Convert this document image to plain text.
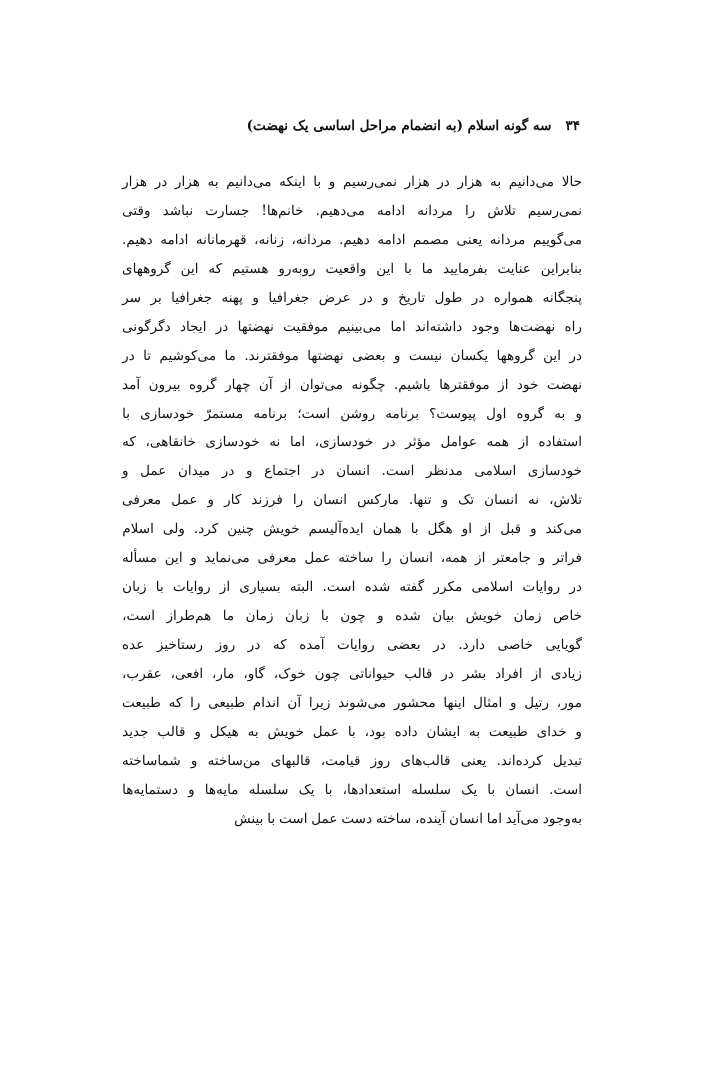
۳۴
سه گونه اسلام (به انضمام مراحل اساسی یک نهضت)
حالا
می‌دانیم
به
هزار
در
هزار
نمی‌رسیم
و
با
اینکه
می‌دانیم
به
هزار
در
هزار
نمی‌رسیم
تلاش
را
مردانه
ادامه
می‌دهیم.
خانم‌ها!
جسارت
نباشد
وقتی
می‌گوییم
مردانه
یعنی
مصمم
ادامه
دهیم.
مردانه،
زنانه،
قهرمانانه
ادامه
دهیم.
بنابراین
عنایت
بفرمایید
ما
با
این
واقعیت
روبه‌رو
هستیم
که
این
گروههای
پنجگانه
همواره
در
طول
تاریخ
و
در
عرض
جغرافیا
و
پهنه
جغرافیا
بر
سر
راه
نهضت‌ها
وجود
داشته‌اند
اما
می‌بینیم
موفقیت
نهضتها
در
ایجاد
دگرگونی
در
این
گروهها
یکسان
نیست
و
بعضی
نهضتها
موفقترند.
ما
می‌کوشیم
تا
در
نهضت
خود
از
موفقترها
باشیم.
چگونه
می‌توان
از
آن
چهار
گروه
بیرون
آمد
و
به
گروه
اول
پیوست؟
برنامه
روشن
است؛
برنامه
مستمرّ
خودسازی
با
استفاده
از
همه
عوامل
مؤثر
در
خودسازی،
اما
نه
خودسازی
خانقاهی،
که
خودسازی
اسلامی
مدنظر
است.
انسان
در
اجتماع
و
در
میدان
عمل
و
تلاش،
نه
انسان
تک
و
تنها.
مارکس
انسان
را
فرزند
کار
و
عمل
معرفی
می‌کند
و
قبل
از
او
هگل
با
همان
ایده‌آلیسم
خویش
چنین
کرد.
ولی
اسلام
فراتر
و
جامعتر
از
همه،
انسان
را
ساخته
عمل
معرفی
می‌نماید
و
این
مسأله
در
روایات
اسلامی
مکرر
گفته
شده
است.
البته
بسیاری
از
روایات
با
زبان
خاص
زمان
خویش
بیان
شده
و
چون
با
زبان
زمان
ما
هم‌طراز
است،
گویایی
خاصی
دارد.
در
بعضی
روایات
آمده
که
در
روز
رستاخیز
عده
زیادی
از
افراد
بشر
در
قالب
حیواناتی
چون
خوک،
گاو،
مار،
افعی،
عقرب،
مور،
رتیل
و
امثال
اینها
محشور
می‌شوند
زیرا
آن
اندام
طبیعی
را
که
طبیعت
و
خدای
طبیعت
به
ایشان
داده
بود،
با
عمل
خویش
به
هیکل
و
قالب
جدید
تبدیل
کرده‌اند.
یعنی
قالب‌های
روز
قیامت،
قالبهای
من‌ساخته
و
شماساخته
است.
انسان
با
یک
سلسله
استعدادها،
با
یک
سلسله
مایه‌ها
و
دستمایه‌ها
به‌وجود
می‌آید
اما
انسان
آینده،
ساخته
دست
عمل
است
با
بینش
